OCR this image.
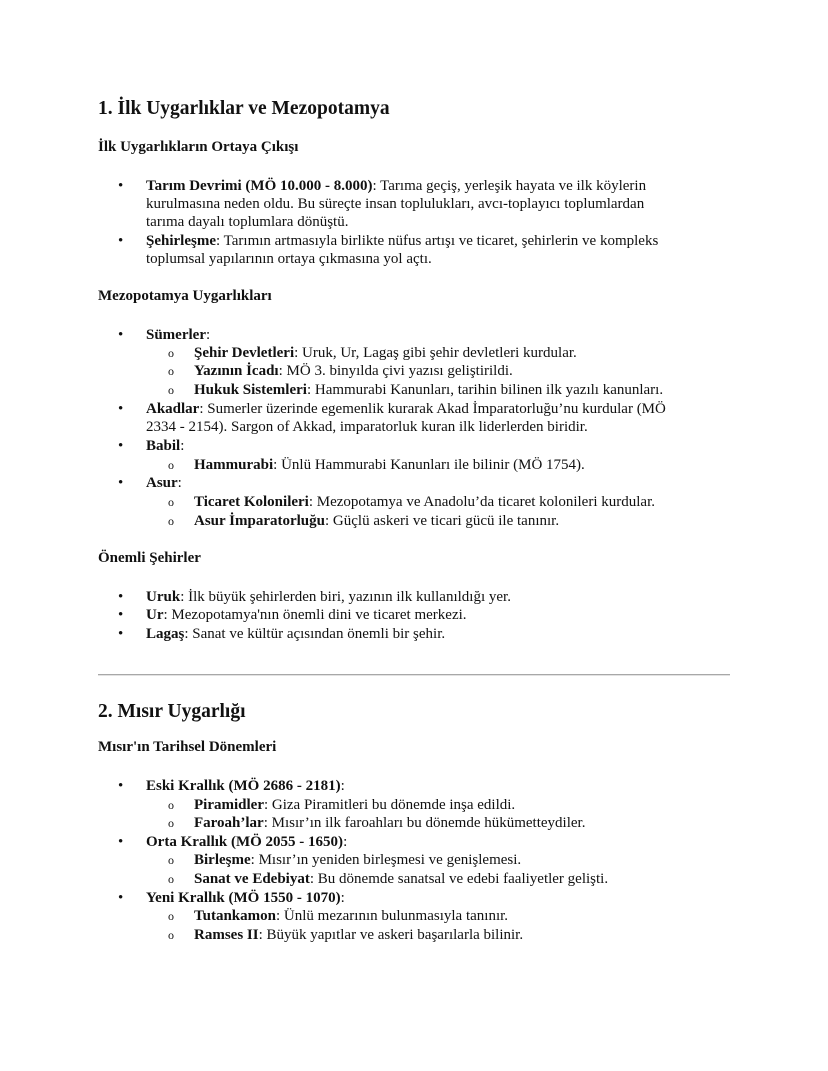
1. İlk Uygarlıklar ve Mezopotamya
İlk Uygarlıkların Ortaya Çıkışı
•
Tarım Devrimi (MÖ 10.000 - 8.000): Tarıma geçiş, yerleşik hayata ve ilk köylerin
kurulmasına neden oldu. Bu süreçte insan toplulukları, avcı-toplayıcı toplumlardan
tarıma dayalı toplumlara dönüştü.
•
Şehirleşme: Tarımın artmasıyla birlikte nüfus artışı ve ticaret, şehirlerin ve kompleks
toplumsal yapılarının ortaya çıkmasına yol açtı.
Mezopotamya Uygarlıkları
•
Sümerler:
o
Şehir Devletleri: Uruk, Ur, Lagaş gibi şehir devletleri kurdular.
o
Yazının İcadı: MÖ 3. binyılda çivi yazısı geliştirildi.
o
Hukuk Sistemleri: Hammurabi Kanunları, tarihin bilinen ilk yazılı kanunları.
•
Akadlar: Sumerler üzerinde egemenlik kurarak Akad İmparatorluğu’nu kurdular (MÖ
2334 - 2154). Sargon of Akkad, imparatorluk kuran ilk liderlerden biridir.
•
Babil:
o
Hammurabi: Ünlü Hammurabi Kanunları ile bilinir (MÖ 1754).
•
Asur:
o
Ticaret Kolonileri: Mezopotamya ve Anadolu’da ticaret kolonileri kurdular.
o
Asur İmparatorluğu: Güçlü askeri ve ticari gücü ile tanınır.
Önemli Şehirler
•
Uruk: İlk büyük şehirlerden biri, yazının ilk kullanıldığı yer.
•
Ur: Mezopotamya'nın önemli dini ve ticaret merkezi.
•
Lagaş: Sanat ve kültür açısından önemli bir şehir.
2. Mısır Uygarlığı
Mısır'ın Tarihsel Dönemleri
•
Eski Krallık (MÖ 2686 - 2181):
o
Piramidler: Giza Piramitleri bu dönemde inşa edildi.
o
Faroah’lar: Mısır’ın ilk faroahları bu dönemde hükümetteydiler.
•
Orta Krallık (MÖ 2055 - 1650):
o
Birleşme: Mısır’ın yeniden birleşmesi ve genişlemesi.
o
Sanat ve Edebiyat: Bu dönemde sanatsal ve edebi faaliyetler gelişti.
•
Yeni Krallık (MÖ 1550 - 1070):
o
Tutankamon: Ünlü mezarının bulunmasıyla tanınır.
o
Ramses II: Büyük yapıtlar ve askeri başarılarla bilinir.
